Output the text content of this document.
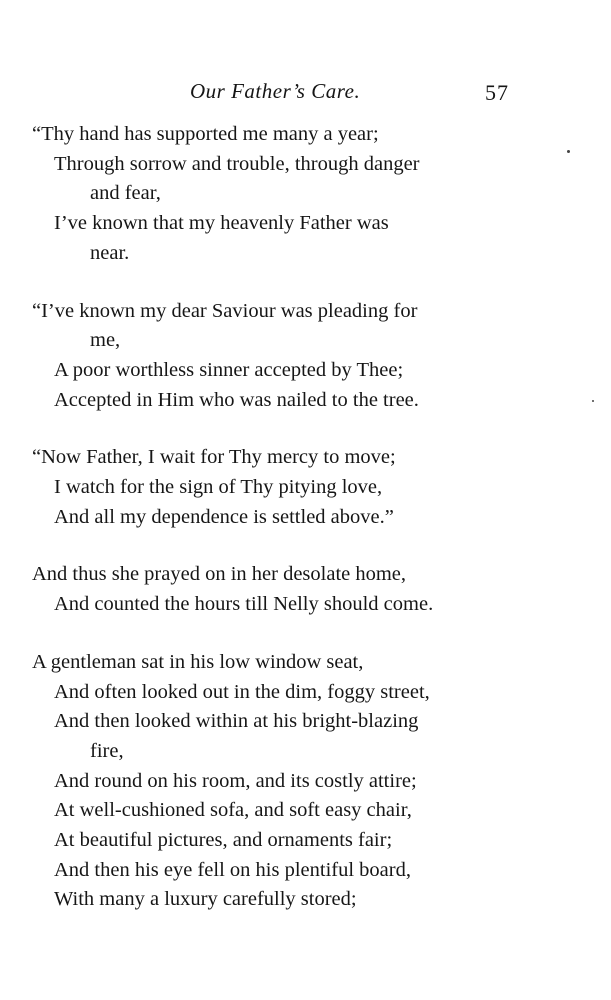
Our Father’s Care.	57
“Thy hand has supported me many a year;
Through sorrow and trouble, through danger
and fear,
I’ve known that my heavenly Father was
near.
“I’ve known my dear Saviour was pleading for
me,
A poor worthless sinner accepted by Thee;
Accepted in Him who was nailed to the tree.
“Now Father, I wait for Thy mercy to move;
I watch for the sign of Thy pitying love,
And all my dependence is settled above.”
And thus she prayed on in her desolate home,
And counted the hours till Nelly should come.
A gentleman sat in his low window seat,
And often looked out in the dim, foggy street,
And then looked within at his bright-blazing
fire,
And round on his room, and its costly attire;
At well-cushioned sofa, and soft easy chair,
At beautiful pictures, and ornaments fair;
And then his eye fell on his plentiful board,
With many a luxury carefully stored;
